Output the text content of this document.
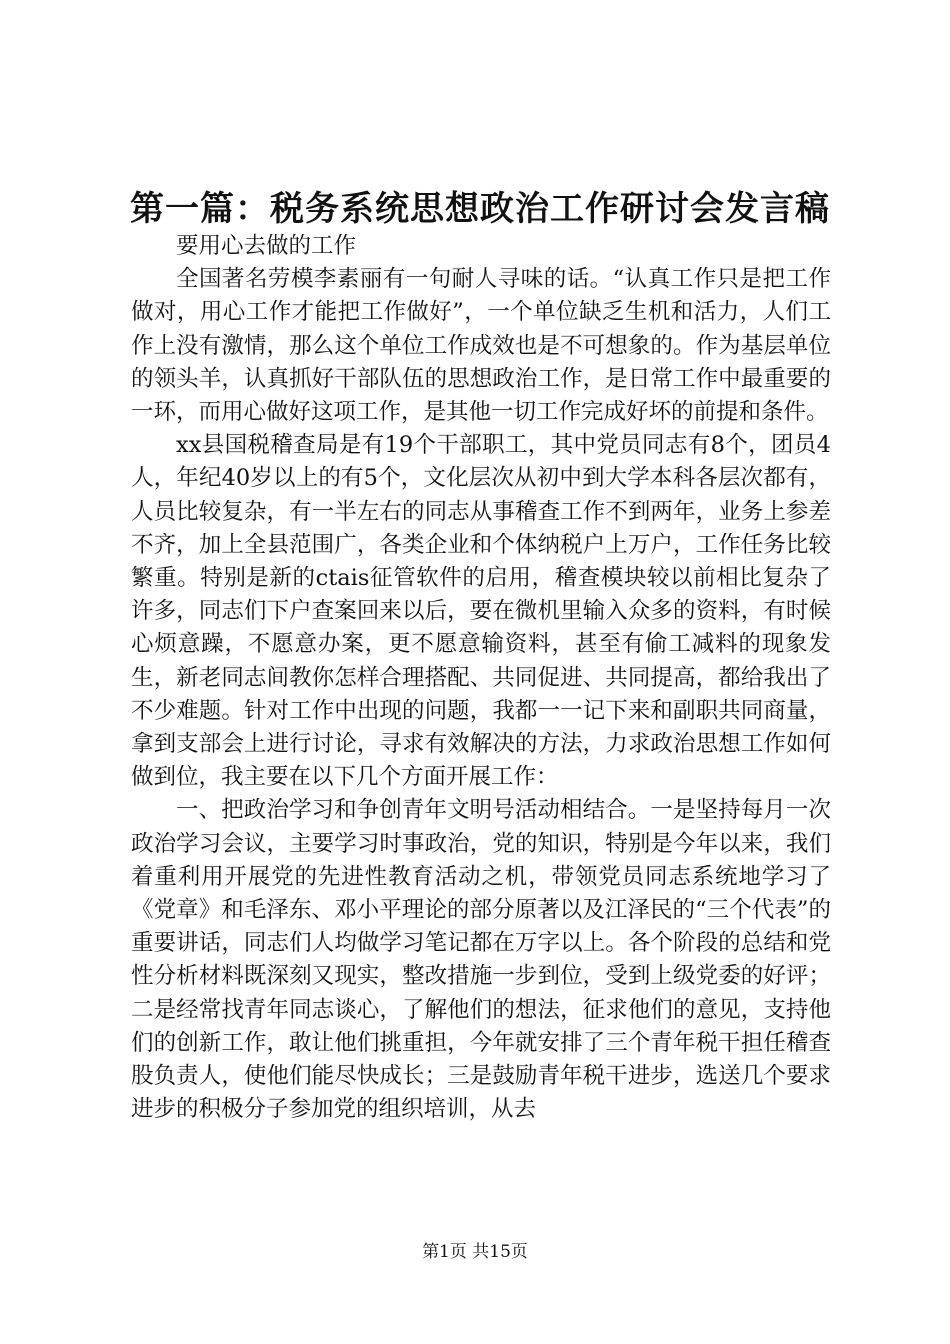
第一篇：税务系统思想政治工作研讨会发言稿

要用心去做的工作

全国著名劳模李素丽有一句耐人寻味的话。“认真工作只是把工作做对，用心工作才能把工作做好”，一个单位缺乏生机和活力，人们工作上没有激情，那么这个单位工作成效也是不可想象的。作为基层单位的领头羊，认真抓好干部队伍的思想政治工作，是日常工作中最重要的一环，而用心做好这项工作，是其他一切工作完成好坏的前提和条件。

xx县国税稽查局是有19个干部职工，其中党员同志有8个，团员4人，年纪40岁以上的有5个，文化层次从初中到大学本科各层次都有，人员比较复杂，有一半左右的同志从事稽查工作不到两年，业务上参差不齐，加上全县范围广，各类企业和个体纳税户上万户，工作任务比较繁重。特别是新的ctais征管软件的启用，稽查模块较以前相比复杂了许多，同志们下户查案回来以后，要在微机里输入众多的资料，有时候心烦意躁，不愿意办案，更不愿意输资料，甚至有偷工减料的现象发生，新老同志间教你怎样合理搭配、共同促进、共同提高，都给我出了不少难题。针对工作中出现的问题，我都一一记下来和副职共同商量，拿到支部会上进行讨论，寻求有效解决的方法，力求政治思想工作如何做到位，我主要在以下几个方面开展工作：

一、把政治学习和争创青年文明号活动相结合。一是坚持每月一次政治学习会议，主要学习时事政治，党的知识，特别是今年以来，我们着重利用开展党的先进性教育活动之机，带领党员同志系统地学习了《党章》和毛泽东、邓小平理论的部分原著以及江泽民的“三个代表”的重要讲话，同志们人均做学习笔记都在万字以上。各个阶段的总结和党性分析材料既深刻又现实，整改措施一步到位，受到上级党委的好评；二是经常找青年同志谈心，了解他们的想法，征求他们的意见，支持他们的创新工作，敢让他们挑重担，今年就安排了三个青年税干担任稽查股负责人，使他们能尽快成长；三是鼓励青年税干进步，选送几个要求进步的积极分子参加党的组织培训，从去

第1页 共15页
